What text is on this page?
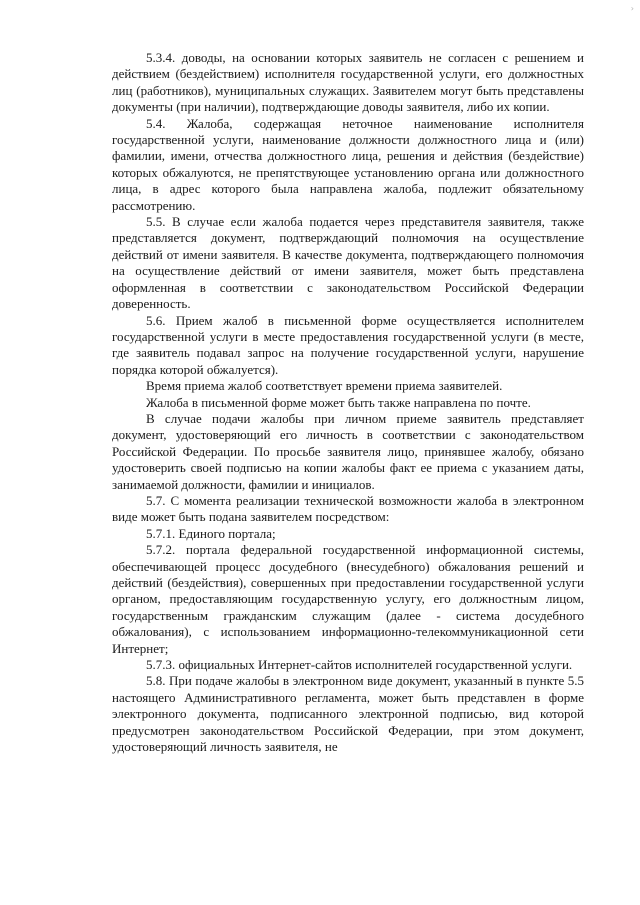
5.3.4. доводы, на основании которых заявитель не согласен с решением и действием (бездействием) исполнителя государственной услуги, его должностных лиц (работников), муниципальных служащих. Заявителем могут быть представлены документы (при наличии), подтверждающие доводы заявителя, либо их копии.

5.4. Жалоба, содержащая неточное наименование исполнителя государственной услуги, наименование должности должностного лица и (или) фамилии, имени, отчества должностного лица, решения и действия (бездействие) которых обжалуются, не препятствующее установлению органа или должностного лица, в адрес которого была направлена жалоба, подлежит обязательному рассмотрению.

5.5. В случае если жалоба подается через представителя заявителя, также представляется документ, подтверждающий полномочия на осуществление действий от имени заявителя. В качестве документа, подтверждающего полномочия на осуществление действий от имени заявителя, может быть представлена оформленная в соответствии с законодательством Российской Федерации доверенность.

5.6. Прием жалоб в письменной форме осуществляется исполнителем государственной услуги в месте предоставления государственной услуги (в месте, где заявитель подавал запрос на получение государственной услуги, нарушение порядка которой обжалуется).

Время приема жалоб соответствует времени приема заявителей.

Жалоба в письменной форме может быть также направлена по почте.

В случае подачи жалобы при личном приеме заявитель представляет документ, удостоверяющий его личность в соответствии с законодательством Российской Федерации. По просьбе заявителя лицо, принявшее жалобу, обязано удостоверить своей подписью на копии жалобы факт ее приема с указанием даты, занимаемой должности, фамилии и инициалов.

5.7. С момента реализации технической возможности жалоба в электронном виде может быть подана заявителем посредством:

5.7.1. Единого портала;

5.7.2. портала федеральной государственной информационной системы, обеспечивающей процесс досудебного (внесудебного) обжалования решений и действий (бездействия), совершенных при предоставлении государственной услуги органом, предоставляющим государственную услугу, его должностным лицом, государственным гражданским служащим (далее - система досудебного обжалования), с использованием информационно-телекоммуникационной сети Интернет;

5.7.3. официальных Интернет-сайтов исполнителей государственной услуги.

5.8. При подаче жалобы в электронном виде документ, указанный в пункте 5.5 настоящего Административного регламента, может быть представлен в форме электронного документа, подписанного электронной подписью, вид которой предусмотрен законодательством Российской Федерации, при этом документ, удостоверяющий личность заявителя, не

›
